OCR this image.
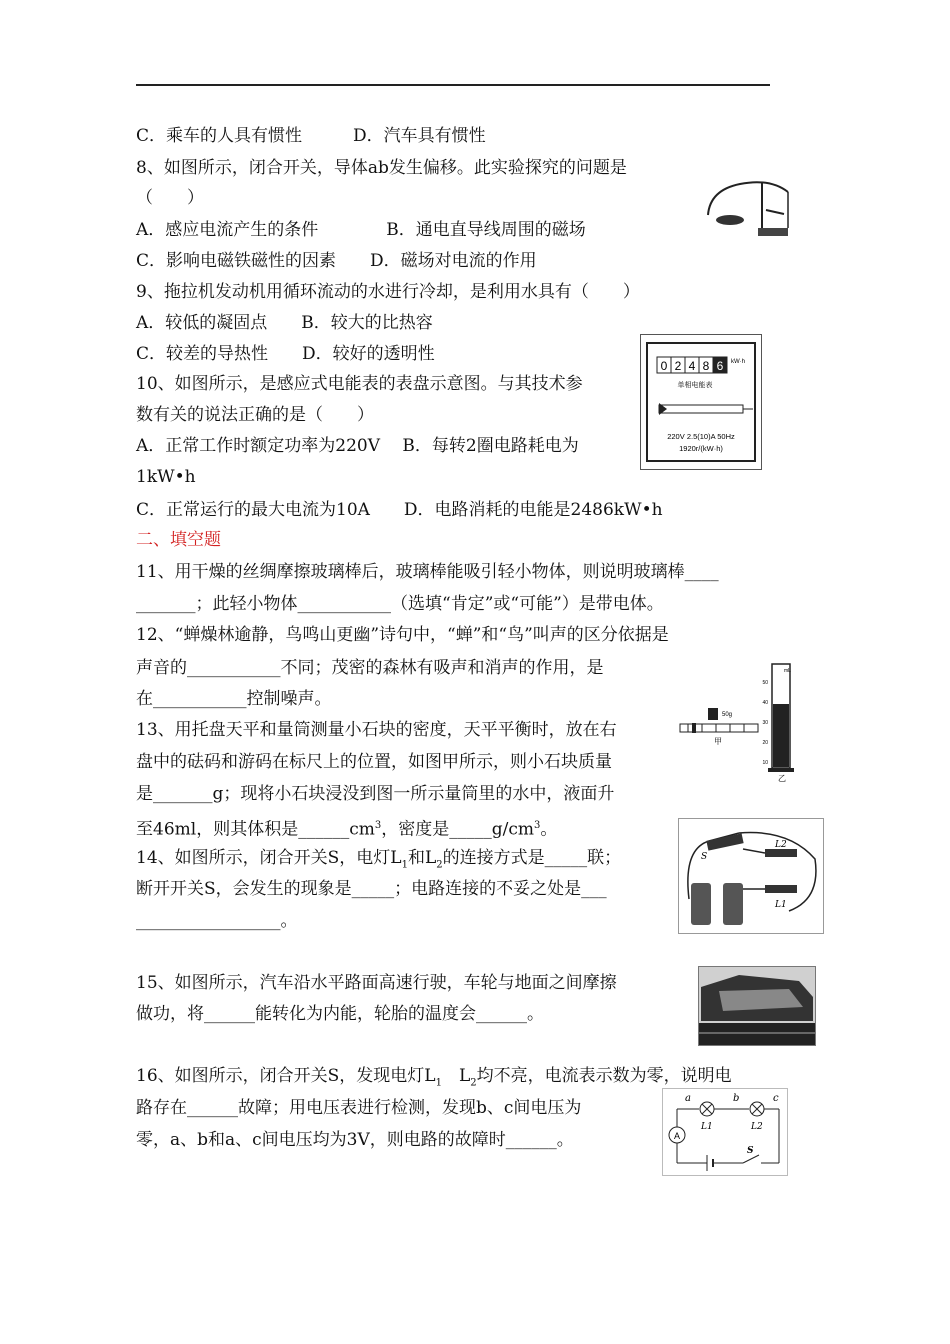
C．乘车的人具有惯性　　　D．汽车具有惯性
8、如图所示，闭合开关，导体ab发生偏移。此实验探究的问题是
（　　）
A．感应电流产生的条件　　　　B．通电直导线周围的磁场
C．影响电磁铁磁性的因素　　D．磁场对电流的作用
9、拖拉机发动机用循环流动的水进行冷却，是利用水具有（　　）
A．较低的凝固点　　B．较大的比热容
C．较差的导热性　　D．较好的透明性
10、如图所示，是感应式电能表的表盘示意图。与其技术参
数有关的说法正确的是（　　）
A．正常工作时额定功率为220V　 B．每转2圈电路耗电为
1kW•h
C．正常运行的最大电流为10A　　D．电路消耗的电能是2486kW•h
二、填空题
11、用干燥的丝绸摩擦玻璃棒后，玻璃棒能吸引轻小物体，则说明玻璃棒____
_______；此轻小物体___________（选填“肯定”或“可能”）是带电体。
12、“蝉燥林逾静，鸟鸣山更幽”诗句中，“蝉”和“鸟”叫声的区分依据是
声音的___________不同；茂密的森林有吸声和消声的作用，是
在___________控制噪声。
13、用托盘天平和量筒测量小石块的密度，天平平衡时，放在右
盘中的砝码和游码在标尺上的位置，如图甲所示，则小石块质量
是_______g；现将小石块浸没到图一所示量筒里的水中，液面升
至46ml，则其体积是$\_\_\_\_\_\_cm^3$，密度是$\_\_\_\_\_g/cm^3$。
14、如图所示，闭合开关S，电灯$L_1$和$L_2$的连接方式是_____联；
断开开关S，会发生的现象是_____；电路连接的不妥之处是___
_________________。
15、如图所示，汽车沿水平路面高速行驶，车轮与地面之间摩擦
做功，将______能转化为内能，轮胎的温度会______。
16、如图所示，闭合开关S，发现电灯$L_1$　$L_2$均不亮，电流表示数为零，说明电
路存在______故障；用电压表进行检测，发现b、c间电压为
零，a、b和a、c间电压均为3V，则电路的故障时______。
0 2 4 8 6 kW·h
单相电能表
220V 2.5(10)A 50Hz
1920r/(kW·h)
50g
甲
mL
50
40
30
20
10
乙
L2
L1
S
a	b	c
L1	L2
A
S
